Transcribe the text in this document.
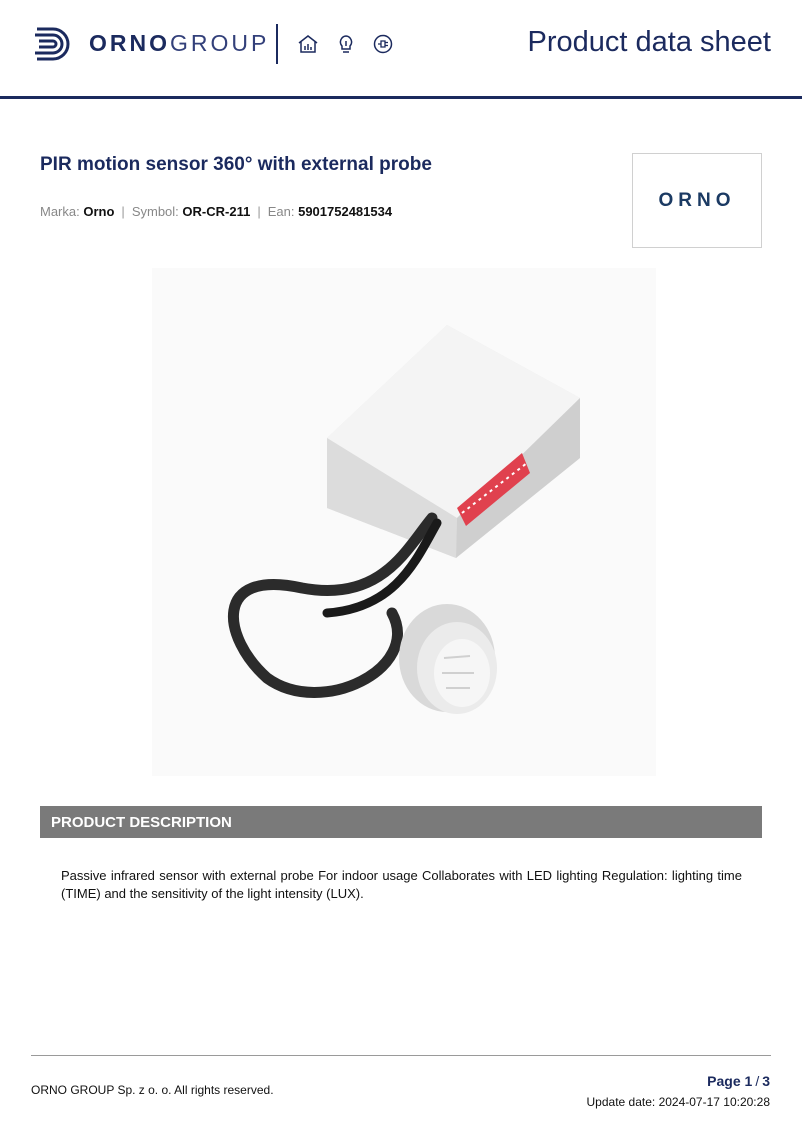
ORNOGROUP	Product data sheet
PIR motion sensor 360° with external probe
Marka: Orno | Symbol: OR-CR-211 | Ean: 5901752481534
ORNO
PRODUCT DESCRIPTION
Passive infrared sensor with external probe For indoor usage Collaborates with LED lighting Regulation: lighting time (TIME) and the sensitivity of the light intensity (LUX).
ORNO GROUP Sp. z o. o. All rights reserved.
Page 1 / 3
Update date: 2024-07-17 10:20:28
